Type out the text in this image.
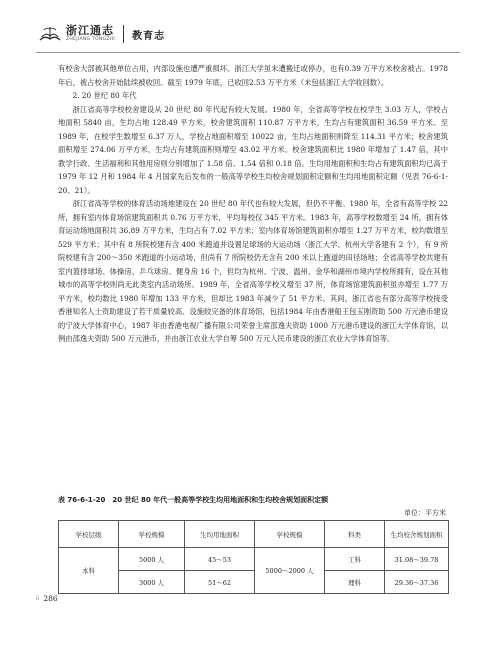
浙江通志
ZHEJIANG TONGZHI 教育志

有校舍大部被其他单位占用，内部设施也遭严重损坏。浙江大学虽未遭搬迁或停办，也有0.39 万平方米校舍被占。1978 年后，被占校舍开始陆续被收回。截至 1979 年底，已收回2.53 万平方米（未包括浙江大学收回数）。

2. 20 世纪 80 年代

浙江省高等学校校舍建设从 20 世纪 80 年代起有较大发展。1980 年，全省高等学校在校学生 3.03 万人，学校占地面积 5840 亩，生均占地 128.49 平方米，校舍建筑面积 110.87 万平方米，生均占有建筑面积 36.59 平方米。至 1989 年，在校学生数增至 6.37 万人，学校占地面积增至 10022 亩，生均占地面积则降至 114.31 平方米；校舍建筑面积增至 274.06 万平方米，生均占有建筑面积则增至 43.02 平方米。校舍建筑面积比 1980 年增加了 1.47 倍，其中教学行政、生活福利和其他用房则分别增加了 1.58 倍、1.54 倍和 0.18 倍。生均用地面积和生均占有建筑面积均已高于 1979 年 12 月和 1984 年 4 月国家先后发布的一般高等学校生均校舍规划面积定额和生均用地面积定额（见表 76-6-1-20、21）。

浙江省高等学校的体育活动场地建设在 20 世纪 80 年代也有较大发展，但仍不平衡。1980 年，全省有高等学校 22 所，拥有室内体育场馆建筑面积共 0.76 万平方米，平均每校仅 345 平方米。1983 年，高等学校数增至 24 所，拥有体育运动场地面积共 36.89 万平方米，生均占有 7.02 平方米；室内体育场馆建筑面积亦增至 1.27 万平方米，校均数增至 529 平方米；其中有 8 所院校建有含 400 米跑道并设置足球场的大运动场（浙江大学、杭州大学各建有 2 个），有 9 所院校建有含 200～350 米跑道的小运动场，但尚有 7 所院校仍无含有 200 米以上跑道的田径场地；全省高等学校共建有室内篮排球场、体操房、乒乓球房、健身房 16 个，但均为杭州、宁波、温州、金华和湖州市境内学校所拥有，设在其他城市的高等学校则尚无此类室内活动场所。1989 年，全省高等学校又增至 37 所，体育场馆建筑面积虽亦增至 1.77 万平方米，校均数比 1980 年增加 133 平方米，但却比 1983 年减少了 51 平方米。其间，浙江省也有部分高等学校接受香港知名人士资助建设了若干质量较高、设施较完备的体育场馆，包括1984 年由香港船王包玉刚资助 500 万元港币建设的宁波大学体育中心，1987 年由香港电视广播有限公司荣誉主席邵逸夫资助 1000 万元港币建设的浙江大学体育馆，以例由邵逸夫资助 500 万元港币，并由浙江农业大学自筹 500 万元人民币建设的浙江农业大学体育馆等。

表 76-6-1-20　20 世纪 80 年代一般高等学校生均用地面积和生均校舍规划面积定额
单位：平方米
学校层级	学校规模	生均用地面积	学校规模	科类	生均校舍规划面积
本科	5000 人	45～53	5000～2000 人	工科	31.08～39.78
	3000 人	51～62		理科	29.36～37.36
⁞⁞ 286
